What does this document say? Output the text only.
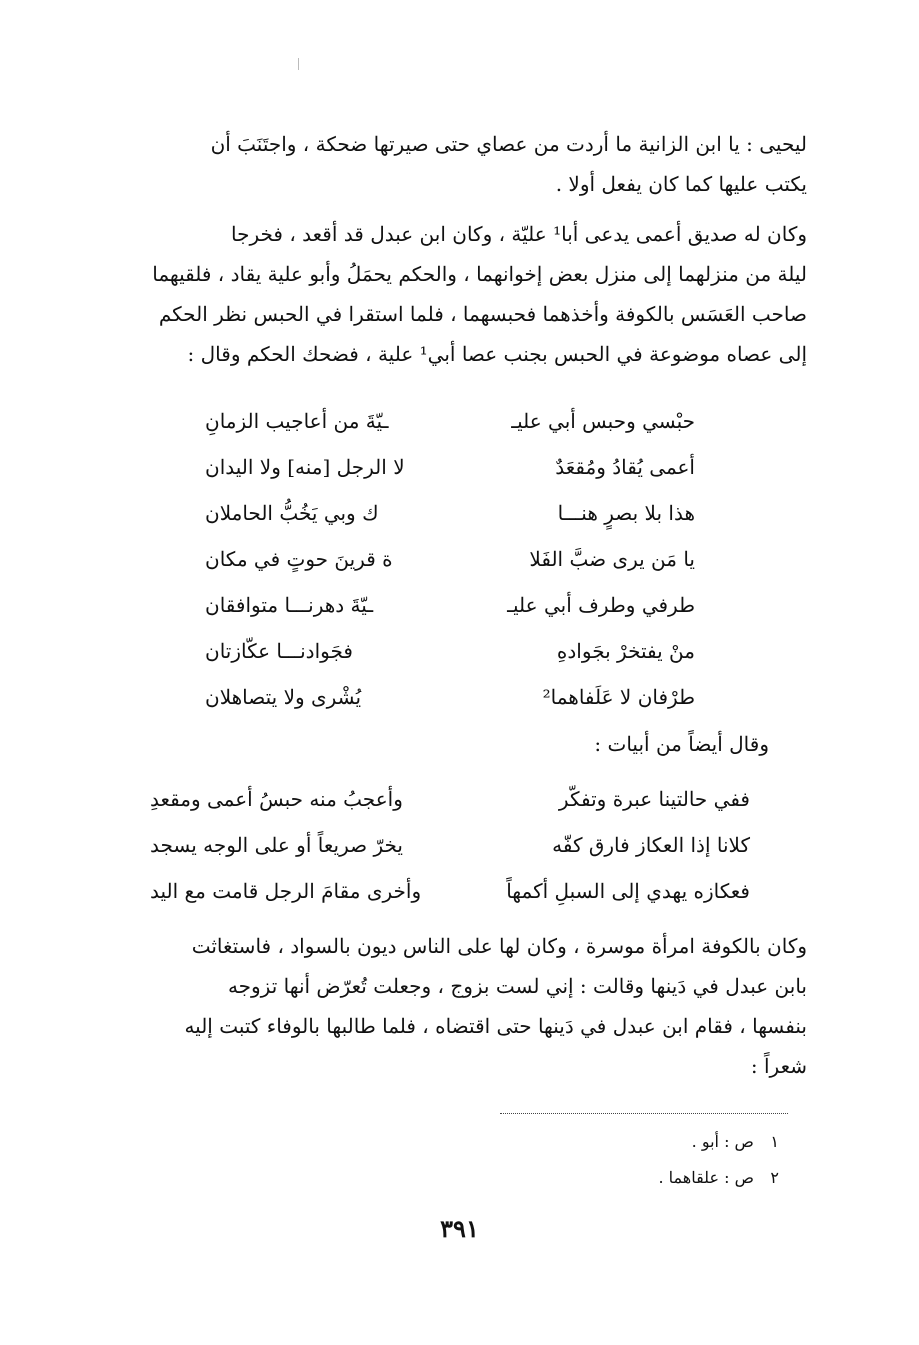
ليحيى : يا ابن الزانية ما أردت من عصاي حتى صيرتها ضحكة ، واجتَنَبَ أن
يكتب عليها كما كان يفعل أولا .
وكان له صديق أعمى يدعى أبا¹ عليّة ، وكان ابن عبدل قد أقعد ، فخرجا
ليلة من منزلهما إلى منزل بعض إخوانهما ، والحكم يحمَلُ وأبو علية يقاد ، فلقيهما
صاحب العَسَس بالكوفة وأخذهما فحبسهما ، فلما استقرا في الحبس نظر الحكم
إلى عصاه موضوعة في الحبس بجنب عصا أبي¹ علية ، فضحك الحكم وقال :
حبْسي وحبس أبي عليـ
ـيّةَ من أعاجيب الزمانِ
أعمى يُقادُ ومُقعَدٌ
لا الرجل [منه] ولا اليدان
هذا بلا بصرٍ هنـــا
ك وبي يَخُبُّ الحاملان
يا مَن يرى ضبَّ الفَلا
ة قرينَ حوتٍ في مكان
طرفي وطرف أبي عليـ
ـيّةَ دهرنـــا متوافقان
منْ يفتخرْ بجَوادهِ
فجَوادنـــا عكّازتان
طرْفان لا عَلَفاهما²
يُشْرى ولا يتصاهلان
وقال أيضاً من أبيات :
ففي حالتينا عبرة وتفكّر
وأعجبُ منه حبسُ أعمى ومقعدِ
كلانا إذا العكاز فارق كفّه
يخرّ صريعاً أو على الوجه يسجد
فعكازه يهدي إلى السبلِ أكمهاً
وأخرى مقامَ الرجل قامت مع اليد
وكان بالكوفة امرأة موسرة ، وكان لها على الناس ديون بالسواد ، فاستغاثت
بابن عبدل في دَينها وقالت : إني لست بزوج ، وجعلت تُعرّض أنها تزوجه
بنفسها ، فقام ابن عبدل في دَينها حتى اقتضاه ، فلما طالبها بالوفاء كتبت إليه
شعراً :
١ ص : أبو .
٢ ص : علقاهما .
٣٩١
